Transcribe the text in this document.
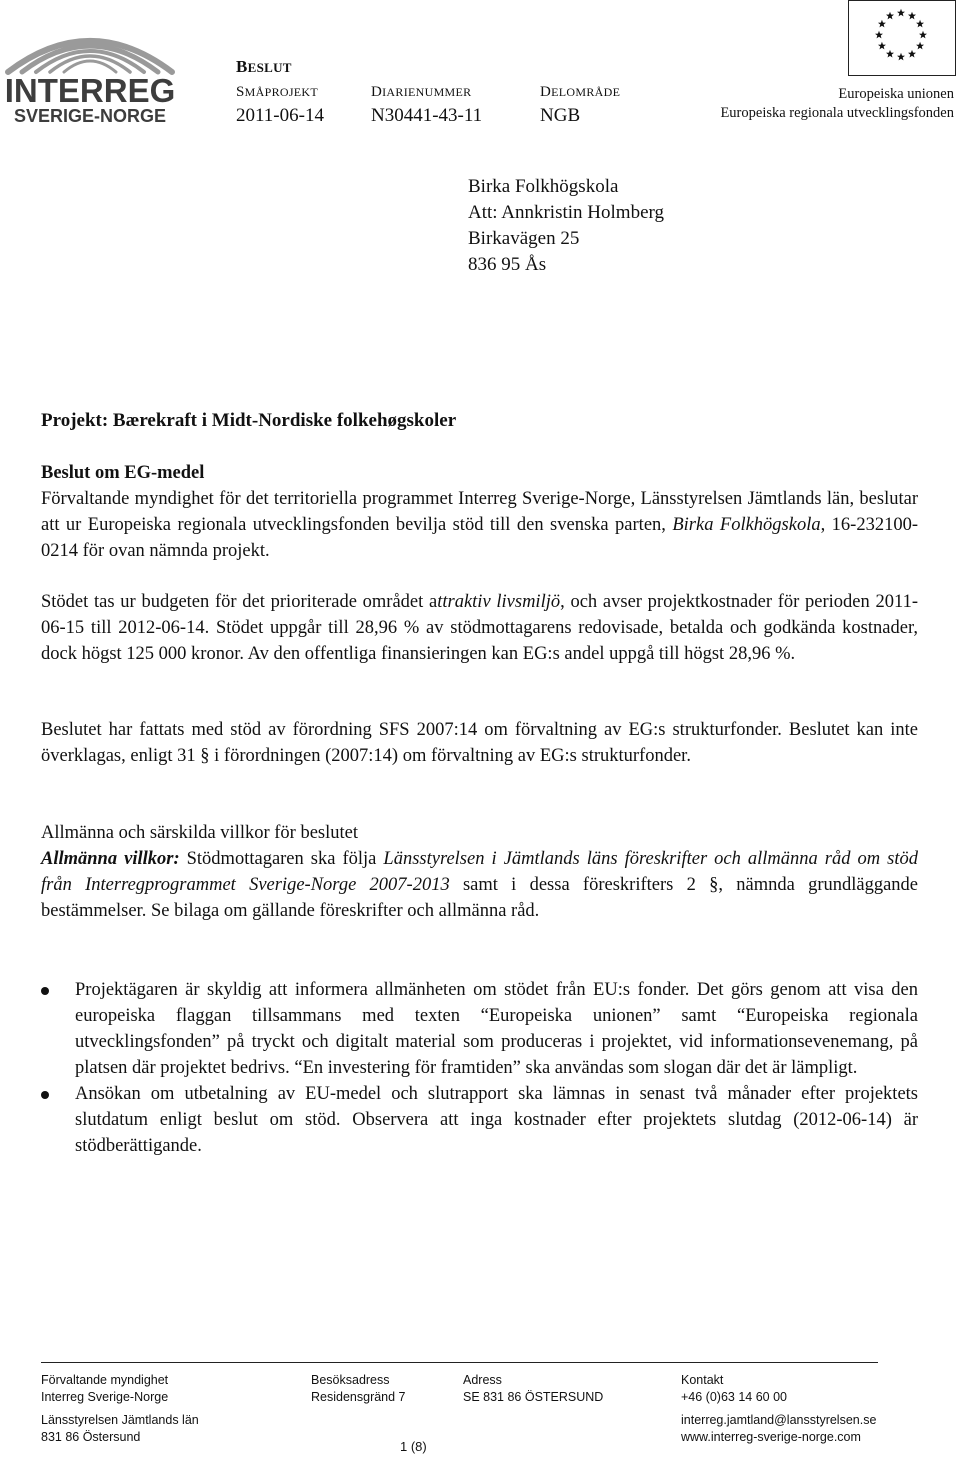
INTERREG
SVERIGE-NORGE
BESLUT
SMÅPROJEKT
2011-06-14
DIARIENUMMER
N30441-43-11
DELOMRÅDE
NGB
Europeiska unionen
Europeiska regionala utvecklingsfonden
Birka Folkhögskola
Att: Annkristin Holmberg
Birkavägen 25
836 95 Ås
Projekt: Bærekraft i Midt-Nordiske folkehøgskoler

Beslut om EG-medel

Förvaltande myndighet för det territoriella programmet Interreg Sverige-Norge, Länsstyrelsen Jämtlands län, beslutar att ur Europeiska regionala utvecklingsfonden bevilja stöd till den svenska parten, Birka Folkhögskola, 16-232100-0214 för ovan nämnda projekt.

Stödet tas ur budgeten för det prioriterade området attraktiv livsmiljö, och avser projektkostnader för perioden 2011-06-15 till 2012-06-14. Stödet uppgår till 28,96 % av stödmottagarens redovisade, betalda och godkända kostnader, dock högst 125 000 kronor. Av den offentliga finansieringen kan EG:s andel uppgå till högst 28,96 %.

Beslutet har fattats med stöd av förordning SFS 2007:14 om förvaltning av EG:s strukturfonder. Beslutet kan inte överklagas, enligt 31 § i förordningen (2007:14) om förvaltning av EG:s strukturfonder.

Allmänna och särskilda villkor för beslutet

Allmänna villkor: Stödmottagaren ska följa Länsstyrelsen i Jämtlands läns föreskrifter och allmänna råd om stöd från Interregprogrammet Sverige-Norge 2007-2013 samt i dessa föreskrifters 2 §, nämnda grundläggande bestämmelser. Se bilaga om gällande föreskrifter och allmänna råd.

Projektägaren är skyldig att informera allmänheten om stödet från EU:s fonder. Det görs genom att visa den europeiska flaggan tillsammans med texten “Europeiska unionen” samt “Europeiska regionala utvecklingsfonden” på tryckt och digitalt material som produceras i projektet, vid informationsevenemang, på platsen där projektet bedrivs. “En investering för framtiden” ska användas som slogan där det är lämpligt.
Ansökan om utbetalning av EU-medel och slutrapport ska lämnas in senast två månader efter projektets slutdatum enligt beslut om stöd. Observera att inga kostnader efter projektets slutdag (2012-06-14) är stödberättigande.
Förvaltande myndighet
Interreg Sverige-Norge
Länsstyrelsen Jämtlands län
831 86 Östersund
Besöksadress
Residensgränd 7
Adress
SE 831 86 ÖSTERSUND
Kontakt
+46 (0)63 14 60 00
interreg.jamtland@lansstyrelsen.se
www.interreg-sverige-norge.com
1 (8)
